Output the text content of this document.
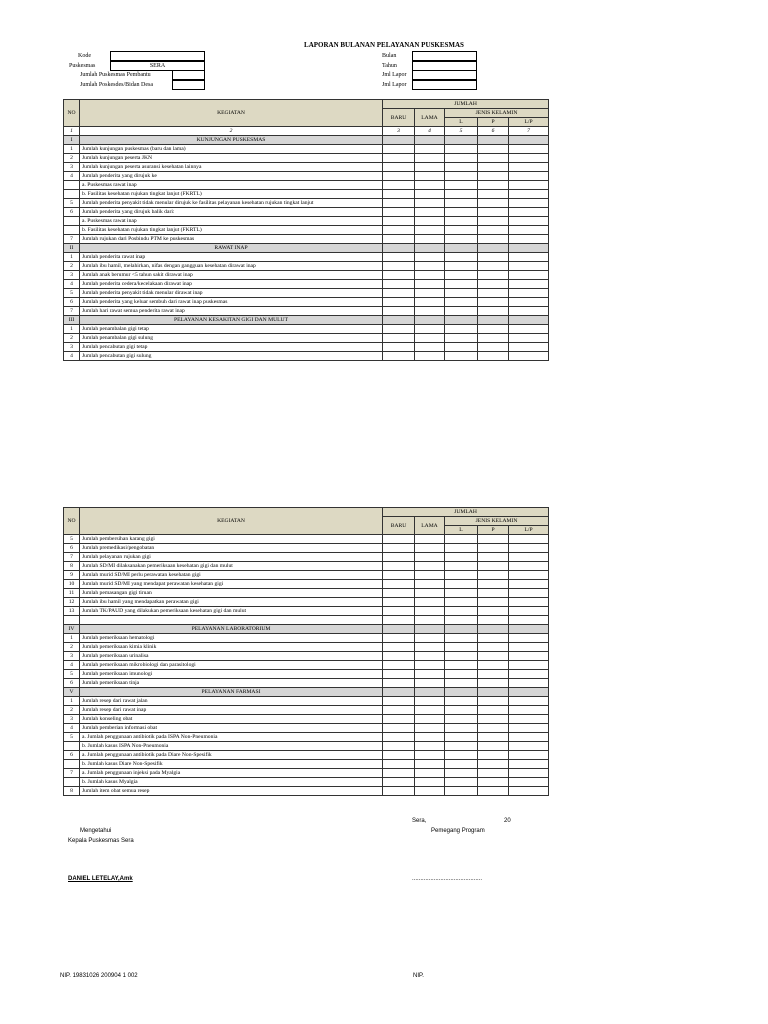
LAPORAN BULANAN PELAYANAN PUSKESMAS
Kode
Puskesmas	SERA
Jumlah Puskesmas Pembantu
Jumlah Poskesdes/Bidan Desa
Bulan
Tahun
Jml Lapor
Jml Lapor
NO	KEGIATAN	JUMLAH				
		BARU	LAMA	JENIS KELAMIN		
				L	P	L/P
1	2	3	4	5	6	7
I	KUNJUNGAN PUSKESMAS					
1	Jumlah kunjungan puskesmas (baru dan lama)					
2	Jumlah kunjungan peserta JKN					
3	Jumlah kunjungan peserta asuransi kesehatan lainnya					
4	Jumlah penderita yang dirujuk ke					
	a. Puskesmas rawat inap					
	b. Fasilitas kesehatan rujukan tingkat lanjut (FKRTL)					
5	Jumlah penderita penyakit tidak menular dirujuk ke fasilitas pelayanan kesehatan rujukan tingkat lanjut					
6	Jumlah penderita yang dirujuk balik dari:					
	a. Puskesmas rawat inap					
	b. Fasilitas kesehatan rujukan tingkat lanjut (FKRTL)					
7	Jumlah rujukan dari Posbindu PTM ke puskesmas					
II	RAWAT INAP					
1	Jumlah penderita rawat inap					
2	Jumlah ibu hamil, melahirkan, nifas dengan gangguan kesehatan dirawat inap					
3	Jumlah anak berumur <5 tahun sakit dirawat inap					
4	Jumlah penderita cedera/kecelakaan dirawat inap					
5	Jumlah penderita penyakit tidak menular dirawat inap					
6	Jumlah penderita yang keluar sembuh dari rawat inap puskesmas					
7	Jumlah hari rawat semua penderita rawat inap					
III	PELAYANAN KESAKITAN GIGI DAN MULUT					
1	Jumlah penambalan gigi tetap					
2	Jumlah penambalan gigi sulung					
3	Jumlah pencabutan gigi tetap					
4	Jumlah pencabutan gigi sulung					
NO	KEGIATAN	JUMLAH				
		BARU	LAMA	JENIS KELAMIN		
				L	P	L/P
5	Jumlah pembersihan karang gigi					
6	Jumlah premedikasi/pengobatan					
7	Jumlah pelayanan rujukan gigi					
8	Jumlah SD/MI dilaksanakan pemeriksaan kesehatan gigi dan mulut					
9	Jumlah murid SD/MI perlu perawatan kesehatan gigi					
10	Jumlah murid SD/MI yang mendapat perawatan kesehatan gigi					
11	Jumlah pemasangan gigi tiruan					
12	Jumlah ibu hamil yang mendapatkan perawatan gigi					
13	Jumlah TK/PAUD yang dilakukan pemeriksaan kesehatan gigi dan mulut					

IV	PELAYANAN LABORATORIUM					
1	Jumlah pemeriksaan hematologi					
2	Jumlah pemeriksaan kimia klinik					
3	Jumlah pemeriksaan urinalisa					
4	Jumlah pemeriksaan mikrobiologi dan parasitologi					
5	Jumlah pemeriksaan imunologi					
6	Jumlah pemeriksaan tinja					
V	PELAYANAN FARMASI					
1	Jumlah resep dari rawat jalan					
2	Jumlah resep dari rawat inap					
3	Jumlah konseling obat					
4	Jumlah pemberian informasi obat					
5	a. Jumlah penggunaan antibiotik pada ISPA Non-Pneumonia					
	b. Jumlah kasus ISPA Non-Pneumonia					
6	a. Jumlah penggunaan antibiotik pada Diare Non-Spesifik					
	b. Jumlah kasus Diare Non-Spesifik					
7	a. Jumlah penggunaan injeksi pada Myalgia					
	b. Jumlah kasus Myalgia					
8	Jumlah item obat semua resep					
Sera,	20
Mengetahui	Pemegang Program
Kepala Puskesmas Sera
DANIEL LETELAY,Amk	..........................................
NIP. 19831026 200904 1 002	NIP.
